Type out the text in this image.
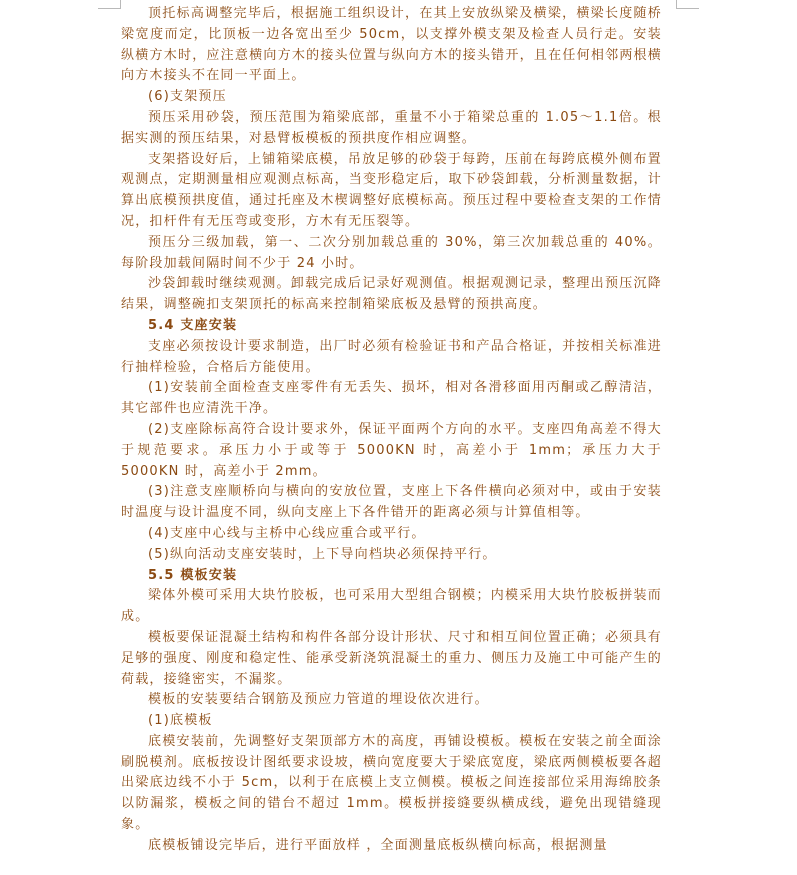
顶托标高调整完毕后，根据施工组织设计，在其上安放纵梁及横梁，横梁长度随桥梁宽度而定，比顶板一边各宽出至少 50cm，以支撑外模支架及检查人员行走。安装纵横方木时，应注意横向方木的接头位置与纵向方木的接头错开，且在任何相邻两根横向方木接头不在同一平面上。

(6)支架预压

预压采用砂袋，预压范围为箱梁底部，重量不小于箱梁总重的 1.05～1.1倍。根据实测的预压结果，对悬臂板模板的预拱度作相应调整。

支架搭设好后，上铺箱梁底模，吊放足够的砂袋于每跨，压前在每跨底模外侧布置观测点，定期测量相应观测点标高，当变形稳定后，取下砂袋卸载，分析测量数据，计算出底模预拱度值，通过托座及木楔调整好底模标高。预压过程中要检查支架的工作情况，扣杆件有无压弯或变形，方木有无压裂等。

预压分三级加载，第一、二次分别加载总重的 30%，第三次加载总重的 40%。每阶段加载间隔时间不少于 24 小时。

沙袋卸载时继续观测。卸载完成后记录好观测值。根据观测记录，整理出预压沉降结果，调整碗扣支架顶托的标高来控制箱梁底板及悬臂的预拱高度。

5.4 支座安装

支座必须按设计要求制造，出厂时必须有检验证书和产品合格证，并按相关标准进行抽样检验，合格后方能使用。

(1)安装前全面检查支座零件有无丢失、损坏，相对各滑移面用丙酮或乙醇清洁，其它部件也应清洗干净。

(2)支座除标高符合设计要求外，保证平面两个方向的水平。支座四角高差不得大于规范要求。承压力小于或等于 5000KN 时，高差小于 1mm；承压力大于 5000KN 时，高差小于 2mm。

(3)注意支座顺桥向与横向的安放位置，支座上下各件横向必须对中，或由于安装时温度与设计温度不同，纵向支座上下各件错开的距离必须与计算值相等。

(4)支座中心线与主桥中心线应重合或平行。

(5)纵向活动支座安装时，上下导向档块必须保持平行。

5.5 模板安装

梁体外模可采用大块竹胶板，也可采用大型组合钢模；内模采用大块竹胶板拼装而成。

模板要保证混凝土结构和构件各部分设计形状、尺寸和相互间位置正确；必须具有足够的强度、刚度和稳定性、能承受新浇筑混凝土的重力、侧压力及施工中可能产生的荷载，接缝密实，不漏浆。

模板的安装要结合钢筋及预应力管道的埋设依次进行。

(1)底模板

底模安装前，先调整好支架顶部方木的高度，再铺设模板。模板在安装之前全面涂刷脱模剂。底板按设计图纸要求设坡，横向宽度要大于梁底宽度，梁底两侧模板要各超出梁底边线不小于 5cm，以利于在底模上支立侧模。模板之间连接部位采用海绵胶条以防漏浆，模板之间的错台不超过 1mm。模板拼接缝要纵横成线，避免出现错缝现象。

底模板铺设完毕后，进行平面放样 ，全面测量底板纵横向标高，根据测量
